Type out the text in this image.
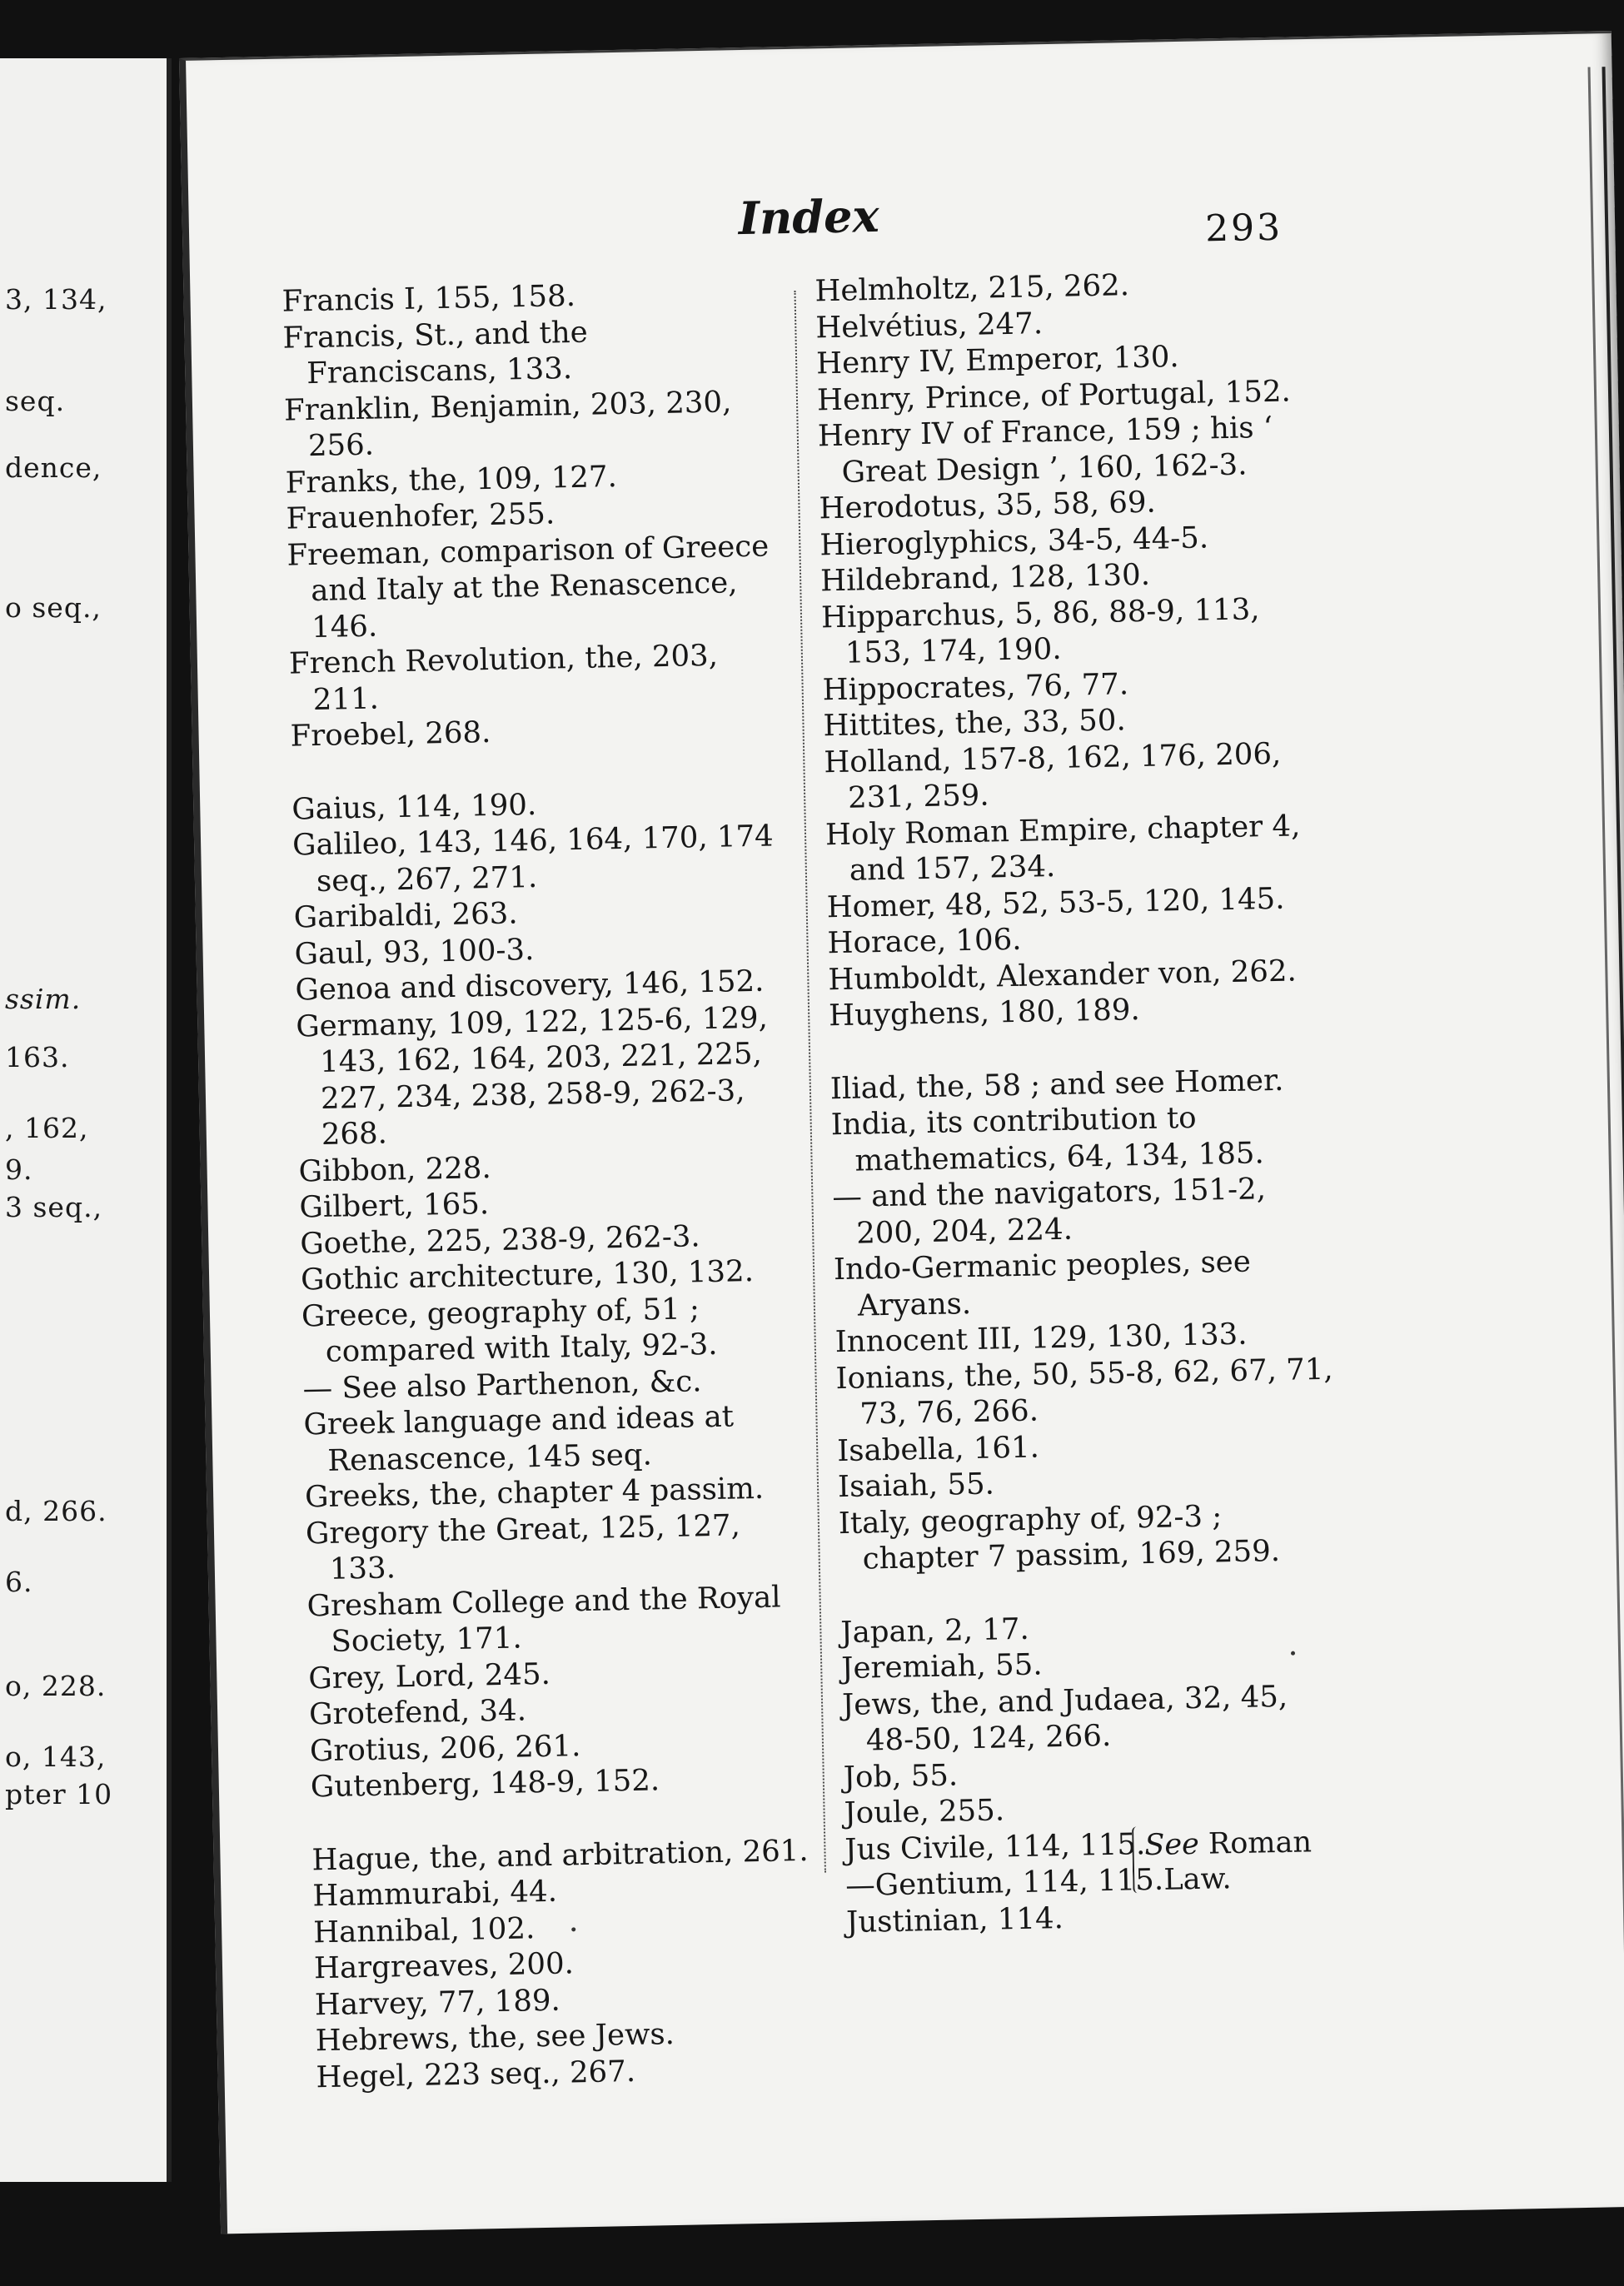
3, 134,
seq.
dence,
o seq.,
ssim.
163.
, 162,
9.
3 seq.,
d, 266.
6.
o, 228.
o, 143,
pter 10
Index	293
Francis I, 155, 158.
Francis, St., and the Franciscans, 133.
Franklin, Benjamin, 203, 230, 256.
Franks, the, 109, 127.
Frauenhofer, 255.
Freeman, comparison of Greece and Italy at the Renascence, 146.
French Revolution, the, 203, 211.
Froebel, 268.
Gaius, 114, 190.
Galileo, 143, 146, 164, 170, 174 seq., 267, 271.
Garibaldi, 263.
Gaul, 93, 100-3.
Genoa and discovery, 146, 152.
Germany, 109, 122, 125-6, 129, 143, 162, 164, 203, 221, 225, 227, 234, 238, 258-9, 262-3, 268.
Gibbon, 228.
Gilbert, 165.
Goethe, 225, 238-9, 262-3.
Gothic architecture, 130, 132.
Greece, geography of, 51 ; compared with Italy, 92-3.
— See also Parthenon, &c.
Greek language and ideas at Renascence, 145 seq.
Greeks, the, chapter 4 passim.
Gregory the Great, 125, 127, 133.
Gresham College and the Royal Society, 171.
Grey, Lord, 245.
Grotefend, 34.
Grotius, 206, 261.
Gutenberg, 148-9, 152.
Hague, the, and arbitration, 261.
Hammurabi, 44.
Hannibal, 102.
Hargreaves, 200.
Harvey, 77, 189.
Hebrews, the, see Jews.
Hegel, 223 seq., 267.
Helmholtz, 215, 262.
Helvétius, 247.
Henry IV, Emperor, 130.
Henry, Prince, of Portugal, 152.
Henry IV of France, 159 ; his ‘ Great Design ’, 160, 162-3.
Herodotus, 35, 58, 69.
Hieroglyphics, 34-5, 44-5.
Hildebrand, 128, 130.
Hipparchus, 5, 86, 88-9, 113, 153, 174, 190.
Hippocrates, 76, 77.
Hittites, the, 33, 50.
Holland, 157-8, 162, 176, 206, 231, 259.
Holy Roman Empire, chapter 4, and 157, 234.
Homer, 48, 52, 53-5, 120, 145.
Horace, 106.
Humboldt, Alexander von, 262.
Huyghens, 180, 189.
Iliad, the, 58 ; and see Homer.
India, its contribution to mathematics, 64, 134, 185.
— and the navigators, 151-2, 200, 204, 224.
Indo-Germanic peoples, see Aryans.
Innocent III, 129, 130, 133.
Ionians, the, 50, 55-8, 62, 67, 71, 73, 76, 266.
Isabella, 161.
Isaiah, 55.
Italy, geography of, 92-3 ; chapter 7 passim, 169, 259.
Japan, 2, 17.
Jeremiah, 55.
Jews, the, and Judaea, 32, 45, 48-50, 124, 266.
Job, 55.
Joule, 255.
Jus Civile, 114, 115.
—Gentium, 114, 115.
See Roman
Law.
Justinian, 114.
